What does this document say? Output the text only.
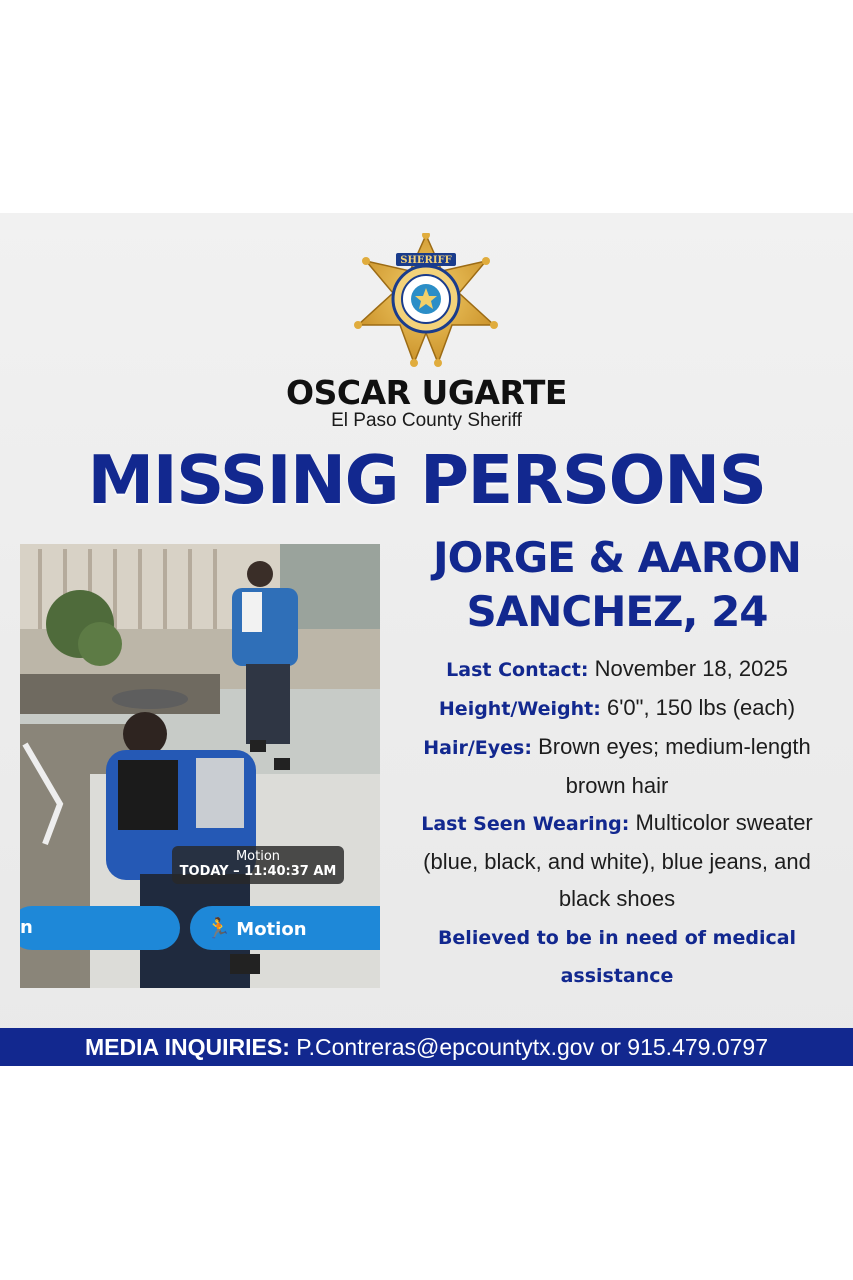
SHERIFF
OSCAR UGARTE
El Paso County Sheriff
MISSING PERSONS
Motion
TODAY – 11:40:37 AM
n	🏃 Motion
JORGE & AARON
SANCHEZ, 24
Last Contact: November 18, 2025
Height/Weight: 6'0", 150 lbs (each)
Hair/Eyes: Brown eyes; medium-length brown hair
Last Seen Wearing: Multicolor sweater (blue, black, and white), blue jeans, and black shoes
Believed to be in need of medical assistance
MEDIA INQUIRIES: P.Contreras@epcountytx.gov or 915.479.0797
